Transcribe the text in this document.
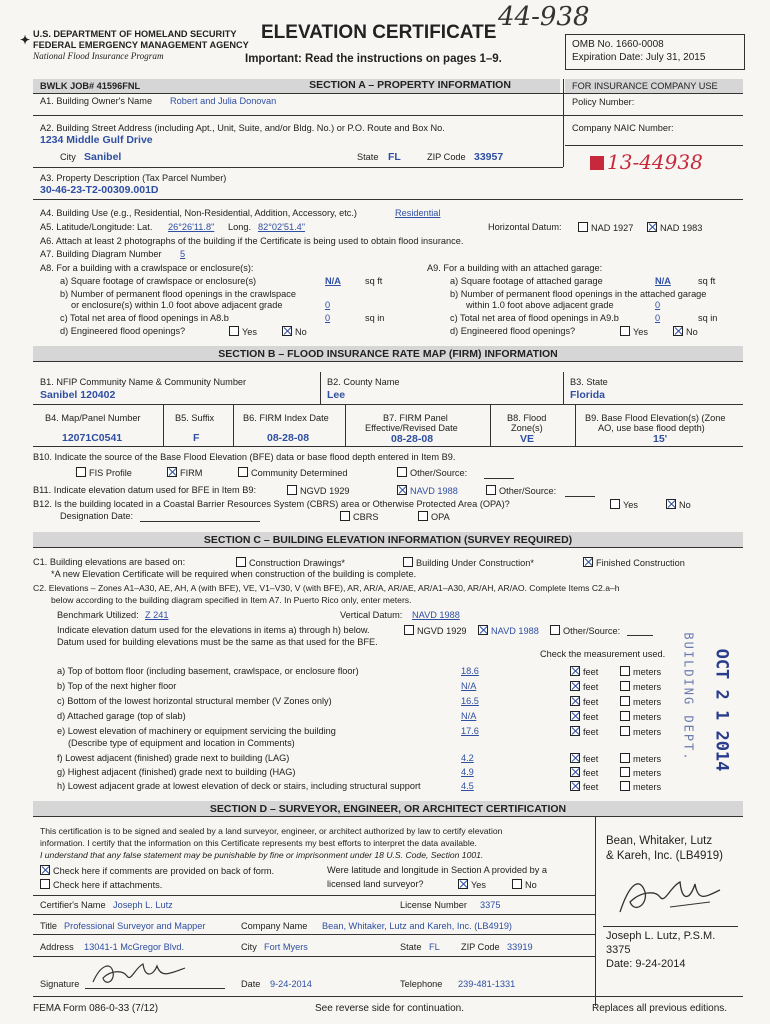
✦ U.S. DEPARTMENT OF HOMELAND SECURITY
FEDERAL EMERGENCY MANAGEMENT AGENCY
National Flood Insurance Program
ELEVATION CERTIFICATE
Important: Read the instructions on pages 1–9.
44-938
OMB No. 1660-0008
Expiration Date: July 31, 2015
BWLK JOB# 41596FNL	SECTION A – PROPERTY INFORMATION	FOR INSURANCE COMPANY USE
A1. Building Owner's Name Robert and Julia Donovan	Policy Number:
A2. Building Street Address (including Apt., Unit, Suite, and/or Bldg. No.) or P.O. Route and Box No.
1234 Middle Gulf Drive
Company NAIC Number:
City Sanibel	State FL	ZIP Code 33957	13-44938
A3. Property Description (Tax Parcel Number)
30-46-23-T2-00309.001D
A4. Building Use (e.g., Residential, Non-Residential, Addition, Accessory, etc.)	Residential
A5. Latitude/Longitude: Lat. 26°26'11.8" Long. 82°02'51.4"	Horizontal Datum:	NAD 1927	NAD 1983
A6. Attach at least 2 photographs of the building if the Certificate is being used to obtain flood insurance.
A7. Building Diagram Number 5
A8. For a building with a crawlspace or enclosure(s):
a) Square footage of crawlspace or enclosure(s)	N/A	sq ft
b) Number of permanent flood openings in the crawlspace
or enclosure(s) within 1.0 foot above adjacent grade	0
c) Total net area of flood openings in A8.b	0	sq in
d) Engineered flood openings?	Yes	No
A9. For a building with an attached garage:
a) Square footage of attached garage	N/A	sq ft
b) Number of permanent flood openings in the attached garage
within 1.0 foot above adjacent grade	0
c) Total net area of flood openings in A9.b	0	sq in
d) Engineered flood openings?	Yes	No
SECTION B – FLOOD INSURANCE RATE MAP (FIRM) INFORMATION
B1. NFIP Community Name & Community Number
Sanibel 120402
B2. County Name
Lee
B3. State
Florida
B4. Map/Panel Number
12071C0541
B5. Suffix
F
B6. FIRM Index Date
08-28-08
B7. FIRM Panel
Effective/Revised Date
08-28-08
B8. Flood
Zone(s)
VE
B9. Base Flood Elevation(s) (Zone
AO, use base flood depth)
15'
B10. Indicate the source of the Base Flood Elevation (BFE) data or base flood depth entered in Item B9.
FIS Profile	FIRM	Community Determined	Other/Source:
B11. Indicate elevation datum used for BFE in Item B9:	NGVD 1929	NAVD 1988	Other/Source:
B12. Is the building located in a Coastal Barrier Resources System (CBRS) area or Otherwise Protected Area (OPA)?	Yes	No
Designation Date:	CBRS	OPA
SECTION C – BUILDING ELEVATION INFORMATION (SURVEY REQUIRED)
C1. Building elevations are based on:	Construction Drawings*	Building Under Construction*	Finished Construction
*A new Elevation Certificate will be required when construction of the building is complete.
C2. Elevations – Zones A1–A30, AE, AH, A (with BFE), VE, V1–V30, V (with BFE), AR, AR/A, AR/AE, AR/A1–A30, AR/AH, AR/AO. Complete Items C2.a–h
below according to the building diagram specified in Item A7. In Puerto Rico only, enter meters.
Benchmark Utilized: Z 241	Vertical Datum: NAVD 1988
Indicate elevation datum used for the elevations in items a) through h) below.	NGVD 1929	NAVD 1988	Other/Source:
Datum used for building elevations must be the same as that used for the BFE.
Check the measurement used.
a) Top of bottom floor (including basement, crawlspace, or enclosure floor)	18.6	feet	meters
b) Top of the next higher floor	N/A	feet	meters
c) Bottom of the lowest horizontal structural member (V Zones only)	16.5	feet	meters
d) Attached garage (top of slab)	N/A	feet	meters
e) Lowest elevation of machinery or equipment servicing the building	17.6	feet	meters
(Describe type of equipment and location in Comments)
f) Lowest adjacent (finished) grade next to building (LAG)	4.2	feet	meters
g) Highest adjacent (finished) grade next to building (HAG)	4.9	feet	meters
h) Lowest adjacent grade at lowest elevation of deck or stairs, including structural support	4.5	feet	meters
OCT 2 1 2014
BUILDING DEPT.
SECTION D – SURVEYOR, ENGINEER, OR ARCHITECT CERTIFICATION
This certification is to be signed and sealed by a land surveyor, engineer, or architect authorized by law to certify elevation
information. I certify that the information on this Certificate represents my best efforts to interpret the data available.
I understand that any false statement may be punishable by fine or imprisonment under 18 U.S. Code, Section 1001.
Check here if comments are provided on back of form.
Check here if attachments.
Were latitude and longitude in Section A provided by a
licensed land surveyor?	Yes	No
Bean, Whitaker, Lutz
& Kareh, Inc. (LB4919)
Joseph L. Lutz, P.S.M.
3375
Date: 9-24-2014
Certifier's Name Joseph L. Lutz	License Number 3375
Title Professional Surveyor and Mapper	Company Name Bean, Whitaker, Lutz and Kareh, Inc. (LB4919)
Address 13041-1 McGregor Blvd.	City Fort Myers	State FL ZIP Code 33919
Signature	Date 9-24-2014	Telephone 239-481-1331
FEMA Form 086-0-33 (7/12)	See reverse side for continuation.	Replaces all previous editions.
